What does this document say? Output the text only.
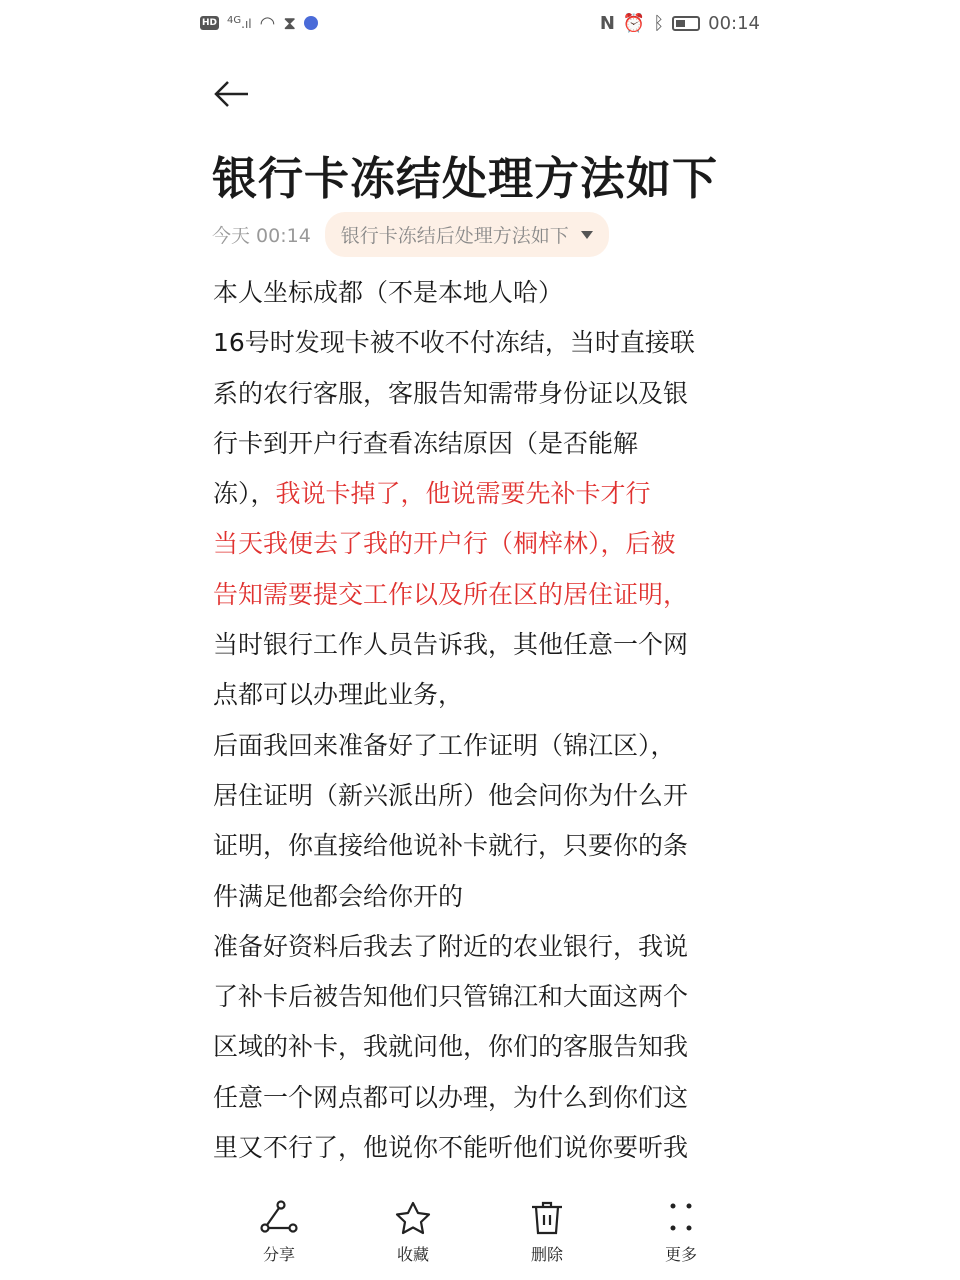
HD $^{4G}$.ıl ◠ ⧗	N ⏰ ᛒ 00:14
银行卡冻结处理方法如下
今天 00:14 银行卡冻结后处理方法如下
本人坐标成都（不是本地人哈）
16号时发现卡被不收不付冻结，当时直接联
系的农行客服，客服告知需带身份证以及银
行卡到开户行查看冻结原因（是否能解
冻），我说卡掉了，他说需要先补卡才行
当天我便去了我的开户行（桐梓林），后被
告知需要提交工作以及所在区的居住证明，
当时银行工作人员告诉我，其他任意一个网
点都可以办理此业务，
后面我回来准备好了工作证明（锦江区），
居住证明（新兴派出所）他会问你为什么开
证明，你直接给他说补卡就行，只要你的条
件满足他都会给你开的
准备好资料后我去了附近的农业银行，我说
了补卡后被告知他们只管锦江和大面这两个
区域的补卡，我就问他，你们的客服告知我
任意一个网点都可以办理，为什么到你们这
里又不行了，他说你不能听他们说你要听我
分享	收藏	删除	更多
